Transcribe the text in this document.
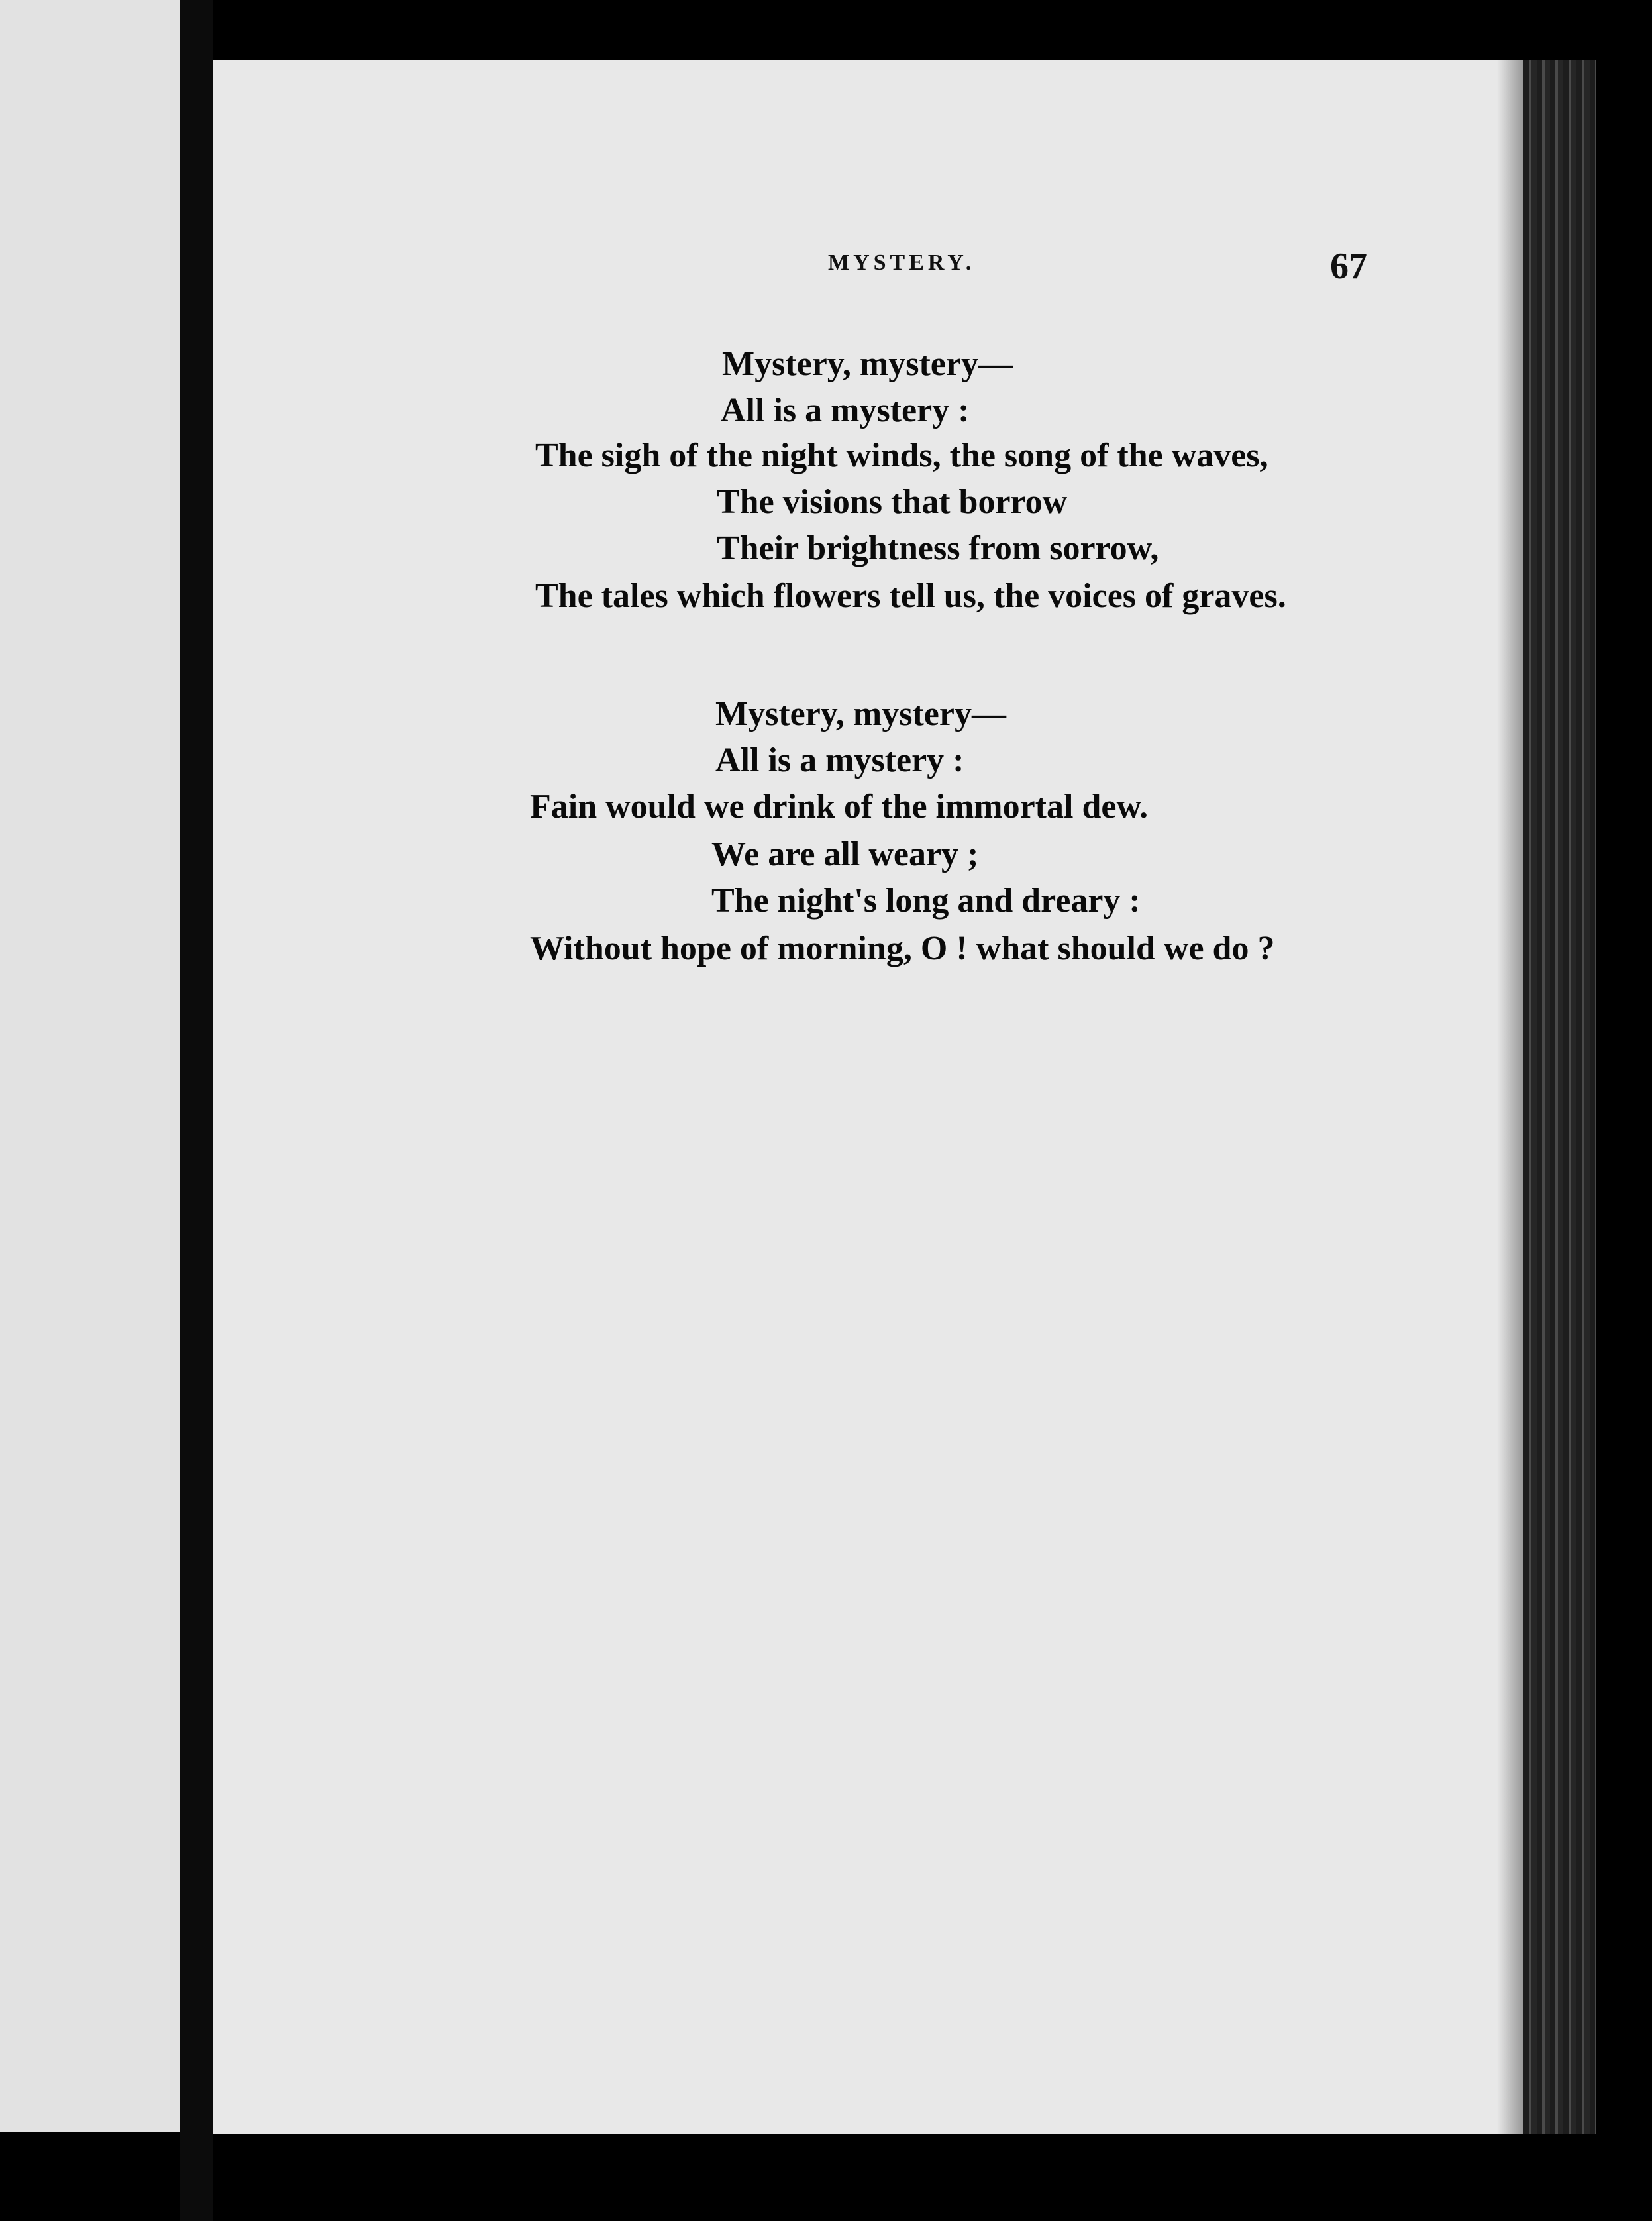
MYSTERY.	67
Mystery, mystery—
All is a mystery :
The sigh of the night winds, the song of the waves,
The visions that borrow
Their brightness from sorrow,
The tales which flowers tell us, the voices of graves.
Mystery, mystery—
All is a mystery :
Fain would we drink of the immortal dew.
We are all weary ;
The night's long and dreary :
Without hope of morning, O ! what should we do ?
